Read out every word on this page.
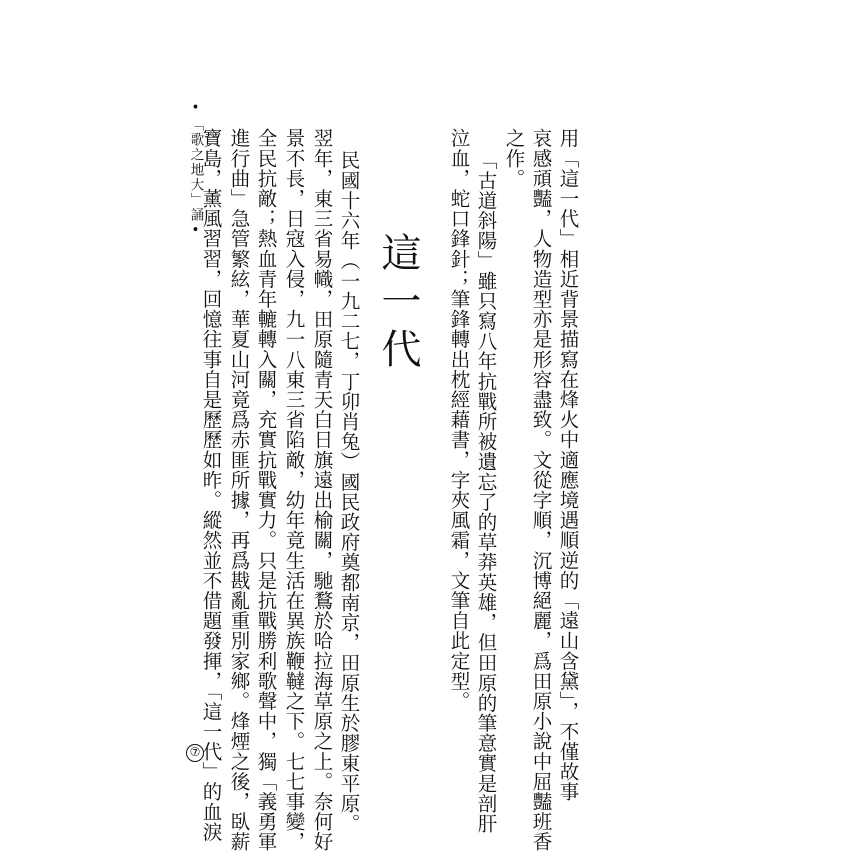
•「歌之地大」誦•	用「這一代」相近背景描寫在烽火中適應境遇順逆的「遠山含黛」，不僅故事
哀感頑豔，人物造型亦是形容盡致。文從字順，沉博絕麗，爲田原小說中屈豔班香
之作。
「古道斜陽」雖只寫八年抗戰所被遺忘了的草莽英雄，但田原的筆意實是剖肝
泣血，蛇口鋒針；筆鋒轉出枕經藉書，字夾風霜，文筆自此定型。
這一代
民國十六年（一九二七，丁卯肖兔）國民政府奠都南京，田原生於膠東平原。
翌年，東三省易幟，田原隨青天白日旗遠出榆關，馳鶩於哈拉海草原之上。奈何好
景不長，日寇入侵，九一八東三省陷敵，幼年竟生活在異族鞭韃之下。七七事變，
全民抗敵；熱血青年轆轉入關，充實抗戰實力。只是抗戰勝利歌聲中，獨「義勇軍
進行曲」急管繁絃，華夏山河竟爲赤匪所據，再爲戡亂重別家鄉。烽煙之後，臥薪
寶島，薰風習習，回憶往事自是歷歷如昨。縱然並不借題發揮，「這一代」的血淚
⑦
